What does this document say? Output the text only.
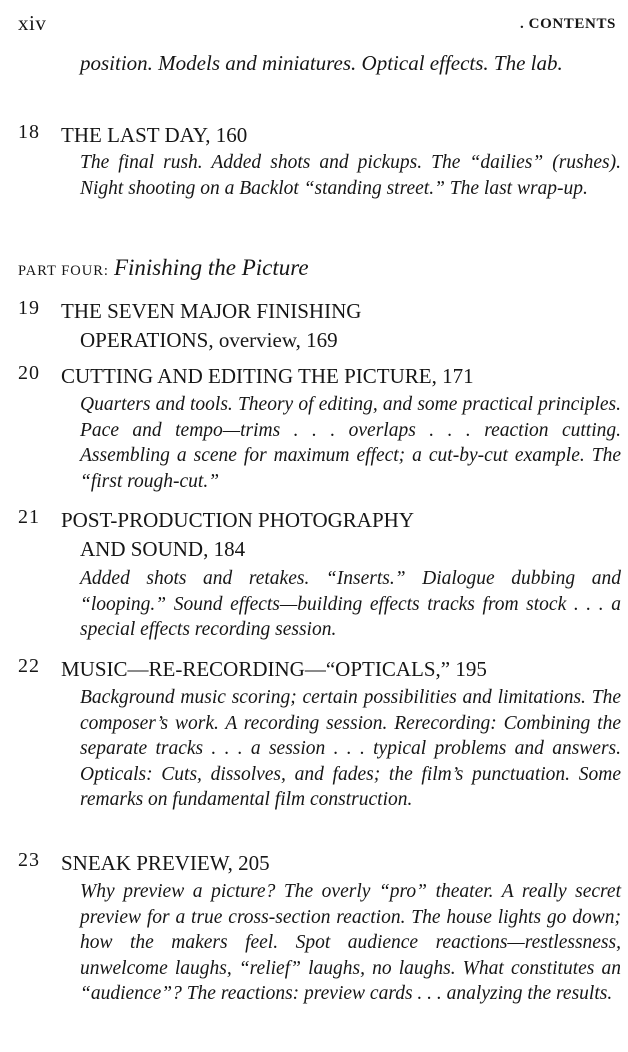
xiv	. CONTENTS
position. Models and miniatures. Optical effects. The lab.
18	THE LAST DAY, 160
The final rush. Added shots and pickups. The “dailies” (rushes). Night shooting on a Backlot “standing street.” The last wrap-up.
PART FOUR: Finishing the Picture
19	THE SEVEN MAJOR FINISHING
OPERATIONS, overview, 169
20	CUTTING AND EDITING THE PICTURE, 171
Quarters and tools. Theory of editing, and some practical principles. Pace and tempo—trims . . . overlaps . . . reaction cutting. Assembling a scene for maximum effect; a cut-by-cut example. The “first rough-cut.”
21	POST-PRODUCTION PHOTOGRAPHY
AND SOUND, 184
Added shots and retakes. “Inserts.” Dialogue dubbing and “looping.” Sound effects—building effects tracks from stock . . . a special effects recording session.
22	MUSIC—RE-RECORDING—“OPTICALS,” 195
Background music scoring; certain possibilities and limitations. The composer’s work. A recording session. Rerecording: Combining the separate tracks . . . a session . . . typical problems and answers. Opticals: Cuts, dissolves, and fades; the film’s punctuation. Some remarks on fundamental film construction.
23	SNEAK PREVIEW, 205
Why preview a picture? The overly “pro” theater. A really secret preview for a true cross-section reaction. The house lights go down; how the makers feel. Spot audience reactions—restlessness, unwelcome laughs, “relief” laughs, no laughs. What constitutes an “audience”? The reactions: preview cards . . . analyzing the results.
